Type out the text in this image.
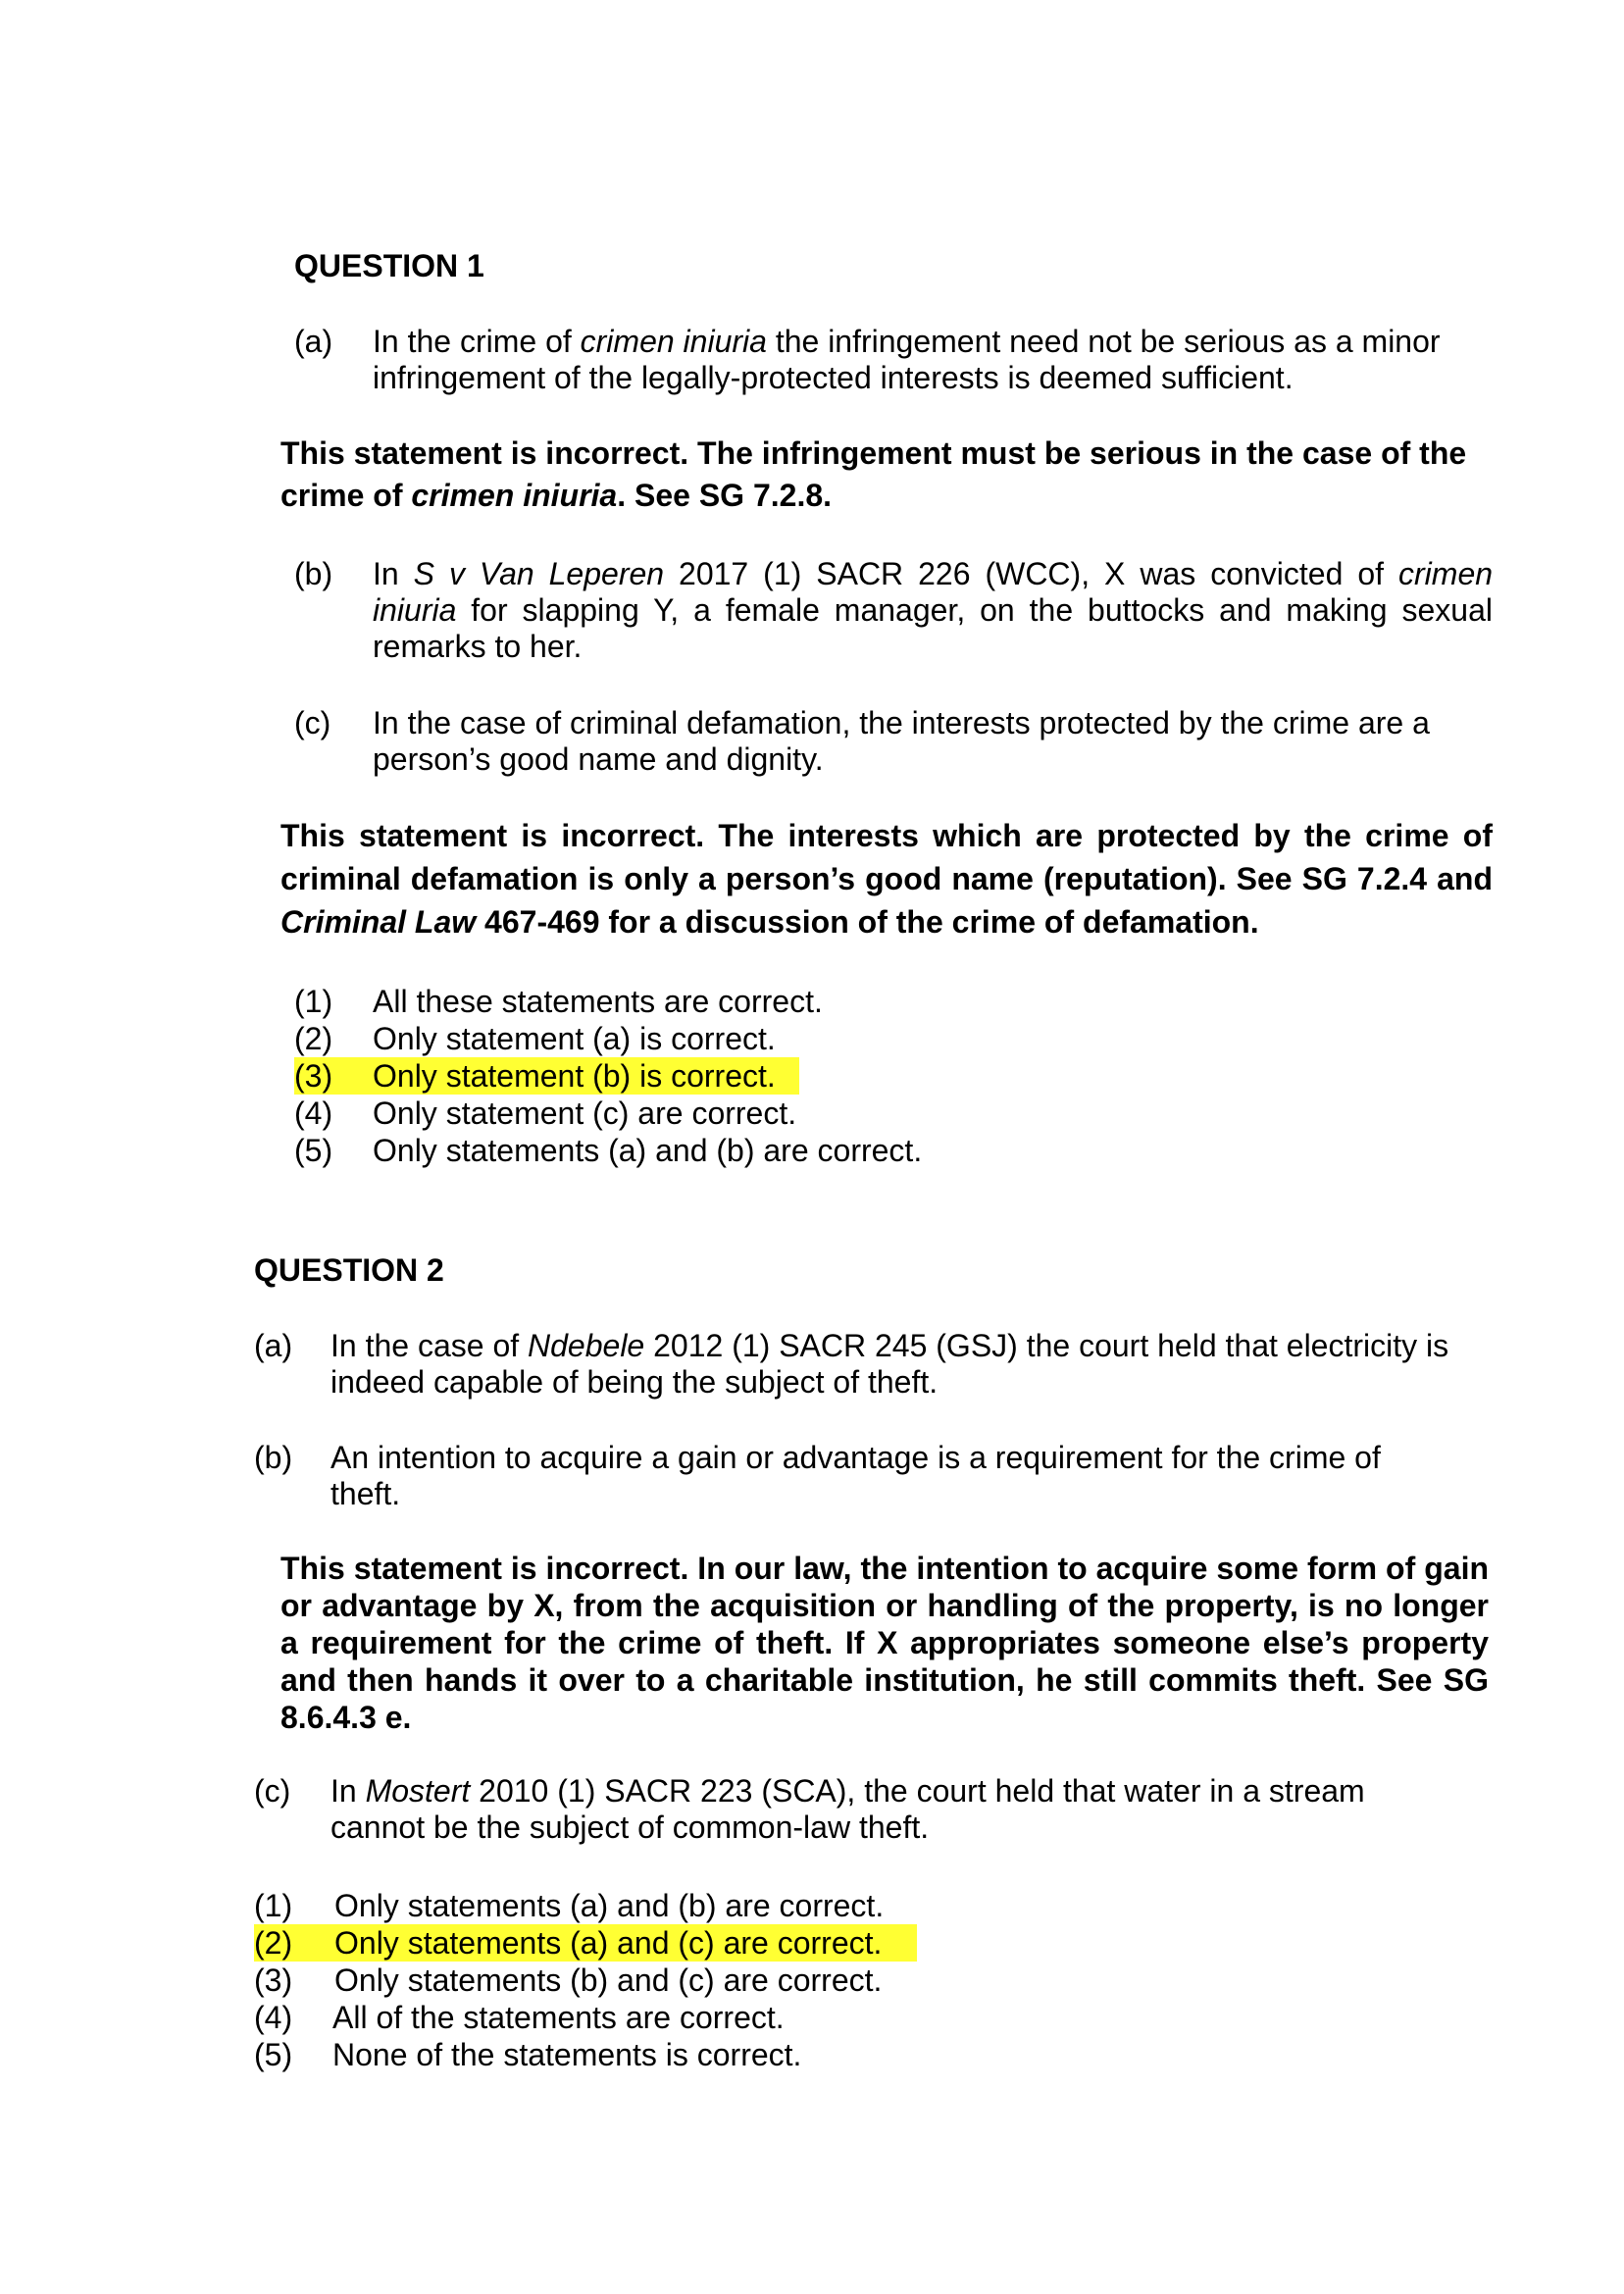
QUESTION 1
(a) In the crime of crimen iniuria the infringement need not be serious as a minor infringement of the legally-protected interests is deemed sufficient.
This statement is incorrect. The infringement must be serious in the case of the crime of crimen iniuria. See SG 7.2.8.
(b) In S v Van Leperen 2017 (1) SACR 226 (WCC), X was convicted of crimen iniuria for slapping Y, a female manager, on the buttocks and making sexual remarks to her.
(c) In the case of criminal defamation, the interests protected by the crime are a person’s good name and dignity.
This statement is incorrect. The interests which are protected by the crime of criminal defamation is only a person’s good name (reputation). See SG 7.2.4 and Criminal Law 467-469 for a discussion of the crime of defamation.
(1) All these statements are correct.
(2) Only statement (a) is correct.
(3) Only statement (b) is correct.
(4) Only statement (c) are correct.
(5) Only statements (a) and (b) are correct.
QUESTION 2
(a) In the case of Ndebele 2012 (1) SACR 245 (GSJ) the court held that electricity is indeed capable of being the subject of theft.
(b) An intention to acquire a gain or advantage is a requirement for the crime of theft.
This statement is incorrect. In our law, the intention to acquire some form of gain or advantage by X, from the acquisition or handling of the property, is no longer a requirement for the crime of theft. If X appropriates someone else’s property and then hands it over to a charitable institution, he still commits theft. See SG 8.6.4.3 e.
(c) In Mostert 2010 (1) SACR 223 (SCA), the court held that water in a stream cannot be the subject of common-law theft.
(1) Only statements (a) and (b) are correct.
(2) Only statements (a) and (c) are correct.
(3) Only statements (b) and (c) are correct.
(4) All of the statements are correct.
(5) None of the statements is correct.
